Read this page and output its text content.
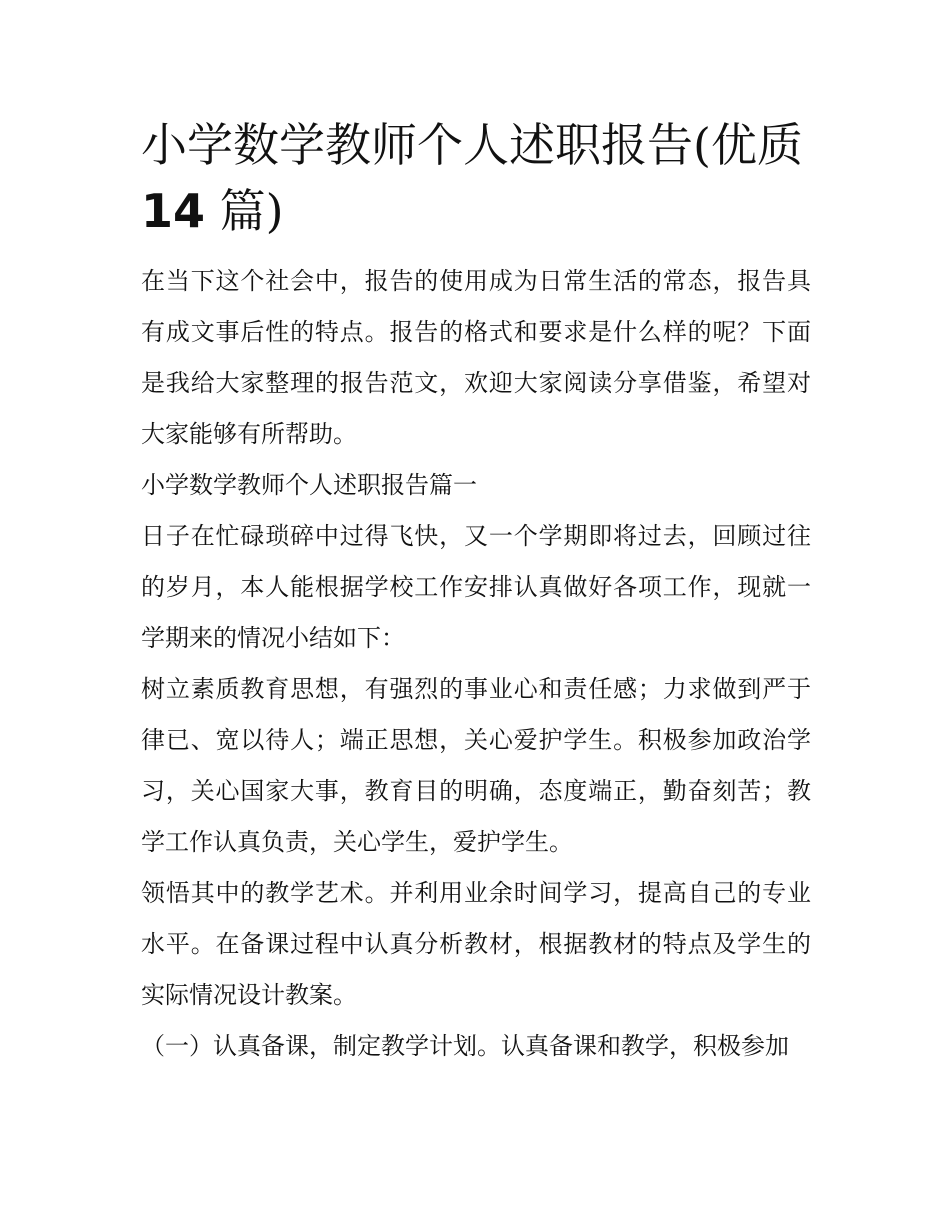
小学数学教师个人述职报告(优质
14 篇)

在当下这个社会中，报告的使用成为日常生活的常态，报告具有成文事后性的特点。报告的格式和要求是什么样的呢？下面是我给大家整理的报告范文，欢迎大家阅读分享借鉴，希望对大家能够有所帮助。

小学数学教师个人述职报告篇一

日子在忙碌琐碎中过得飞快，又一个学期即将过去，回顾过往的岁月，本人能根据学校工作安排认真做好各项工作，现就一学期来的情况小结如下：

树立素质教育思想，有强烈的事业心和责任感；力求做到严于律已、宽以待人；端正思想，关心爱护学生。积极参加政治学习，关心国家大事，教育目的明确，态度端正，勤奋刻苦；教学工作认真负责，关心学生，爱护学生。

领悟其中的教学艺术。并利用业余时间学习，提高自己的专业水平。在备课过程中认真分析教材，根据教材的特点及学生的实际情况设计教案。

（一）认真备课，制定教学计划。认真备课和教学，积极参加
